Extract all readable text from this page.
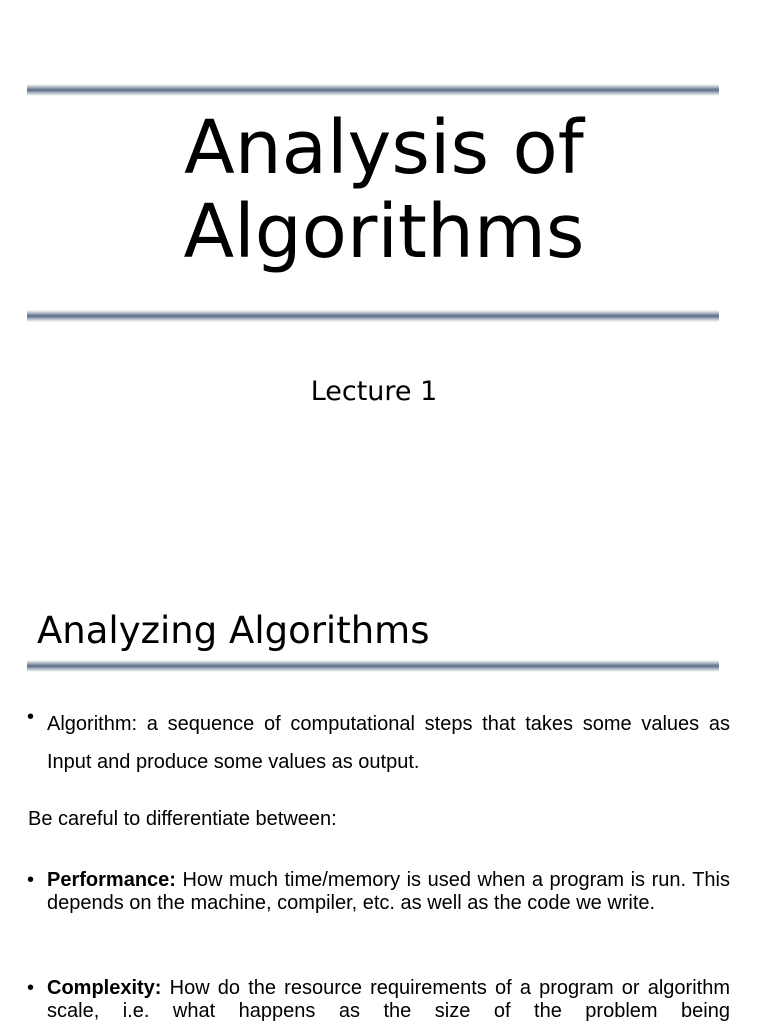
Analysis of
Algorithms
Lecture 1
Analyzing Algorithms
• Algorithm: a sequence of computational steps that takes some values as Input and produce some values as output.
Be careful to differentiate between:
• Performance: How much time/memory is used when a program is run. This depends on the machine, compiler, etc. as well as the code we write.
• Complexity: How do the resource requirements of a program or algorithm scale, i.e. what happens as the size of the problem being
